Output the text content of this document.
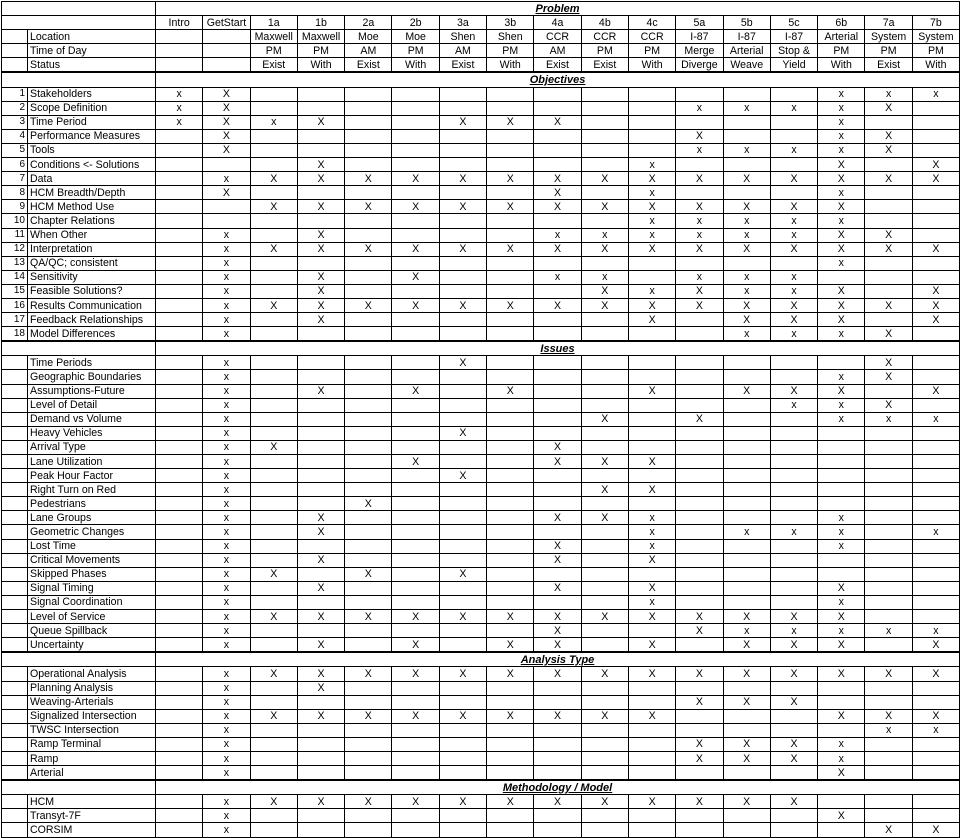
		Problem																
		Intro	GetStart	1a	1b	2a	2b	3a	3b	4a	4b	4c	5a	5b	5c	6b	7a	7b
	Location			Maxwell	Maxwell	Moe	Moe	Shen	Shen	CCR	CCR	CCR	I-87	I-87	I-87	Arterial	System	System
	Time of Day			PM	PM	AM	PM	AM	PM	AM	PM	PM	Merge	Arterial	Stop &	PM	PM	PM
	Status			Exist	With	Exist	With	Exist	With	Exist	Exist	With	Diverge	Weave	Yield	With	Exist	With
		Objectives																
1	Stakeholders	x	X													x	x	x
2	Scope Definition	x	X										x	x	x	x	X	
3	Time Period	x	X	x	X			X	X	X						x		
4	Performance Measures		X										X			x	X	
5	Tools		X										x	x	x	x	X	
6	Conditions <- Solutions				X							x				X		X
7	Data		x	X	X	X	X	X	X	X	X	X	X	X	X	X	X	X
8	HCM Breadth/Depth		X							X		x				x		
9	HCM Method Use			X	X	X	X	X	X	X	X	X	X	X	X	X		
10	Chapter Relations											x	x	x	x	x		
11	When Other		x		X					x	x	x	x	x	x	X	X	
12	Interpretation		x	X	X	X	X	X	X	X	X	X	X	X	X	X	X	X
13	QA/QC; consistent		x													x		
14	Sensitivity		x		X		X			x	x		x	x	x			
15	Feasible Solutions?		x		X						X	x	X	x	x	X		X
16	Results Communication		x	X	X	X	X	X	X	X	X	X	X	X	X	X	X	X
17	Feedback Relationships		x		X							X		X	X	X		X
18	Model Differences		x											x	x	x	X	
		Issues																
	Time Periods		x					X									X	
	Geographic Boundaries		x													x	X	
	Assumptions-Future		x		X		X		X			X		X	X	X		X
	Level of Detail		x												x	x	X	
	Demand vs Volume		x								X		X			x	x	x
	Heavy Vehicles		x					X										
	Arrival Type		x	X						X								
	Lane Utilization		x				X			X	X	X						
	Peak Hour Factor		x					X										
	Right Turn on Red		x								X	X						
	Pedestrians		x			X												
	Lane Groups		x		X					X	X	x				x		
	Geometric Changes		x		X							x		x	x	x		x
	Lost Time		x							X		x				x		
	Critical Movements		x		X					X		X						
	Skipped Phases		x	X		X		X										
	Signal Timing		x		X					X		X				X		
	Signal Coordination		x									x				x		
	Level of Service		x	X	X	X	X	X	X	X	X	X	X	X	X	X		
	Queue Spillback		x							X			X	x	x	x	x	x
	Uncertainty		x		X		X		X	X		X		X	X	X		X
		Analysis Type																
	Operational Analysis		x	X	X	X	X	X	X	X	X	X	X	X	X	X	X	X
	Planning Analysis		x		X													
	Weaving-Arterials		x										X	X	X			
	Signalized Intersection		x	X	X	X	X	X	X	X	X	X				X	X	X
	TWSC Intersection		x														x	x
	Ramp Terminal		x										X	X	X	x		
	Ramp		x										X	X	X	x		
	Arterial		x													X		
		Methodology / Model																
	HCM		x	X	X	X	X	X	X	X	X	X	X	X	X			
	Transyt-7F		x													X		
	CORSIM		x														X	X
